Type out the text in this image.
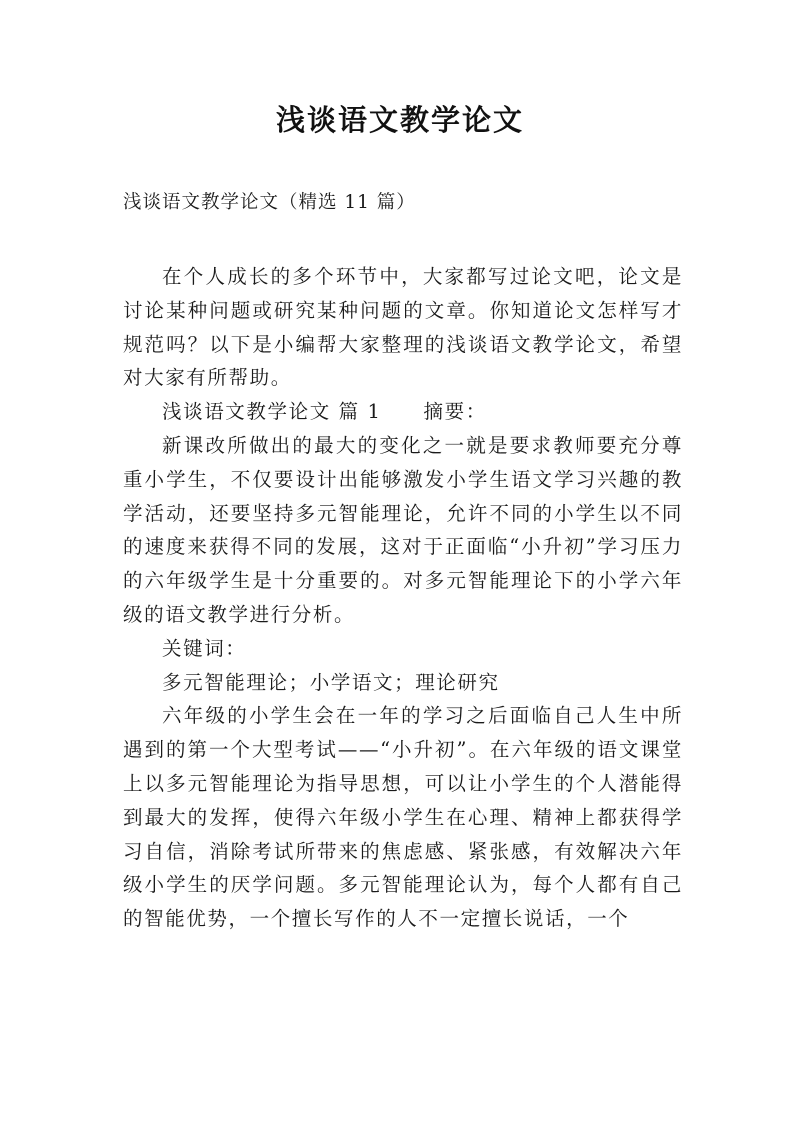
浅谈语文教学论文
浅谈语文教学论文（精选 11 篇）

在个人成长的多个环节中，大家都写过论文吧，论文是讨论某种问题或研究某种问题的文章。你知道论文怎样写才规范吗？以下是小编帮大家整理的浅谈语文教学论文，希望对大家有所帮助。

浅谈语文教学论文 篇 1 摘要：

新课改所做出的最大的变化之一就是要求教师要充分尊重小学生，不仅要设计出能够激发小学生语文学习兴趣的教学活动，还要坚持多元智能理论，允许不同的小学生以不同的速度来获得不同的发展，这对于正面临“小升初”学习压力的六年级学生是十分重要的。对多元智能理论下的小学六年级的语文教学进行分析。

关键词：

多元智能理论；小学语文；理论研究

六年级的小学生会在一年的学习之后面临自己人生中所遇到的第一个大型考试——“小升初”。在六年级的语文课堂上以多元智能理论为指导思想，可以让小学生的个人潜能得到最大的发挥，使得六年级小学生在心理、精神上都获得学习自信，消除考试所带来的焦虑感、紧张感，有效解决六年级小学生的厌学问题。多元智能理论认为，每个人都有自己的智能优势，一个擅长写作的人不一定擅长说话，一个
